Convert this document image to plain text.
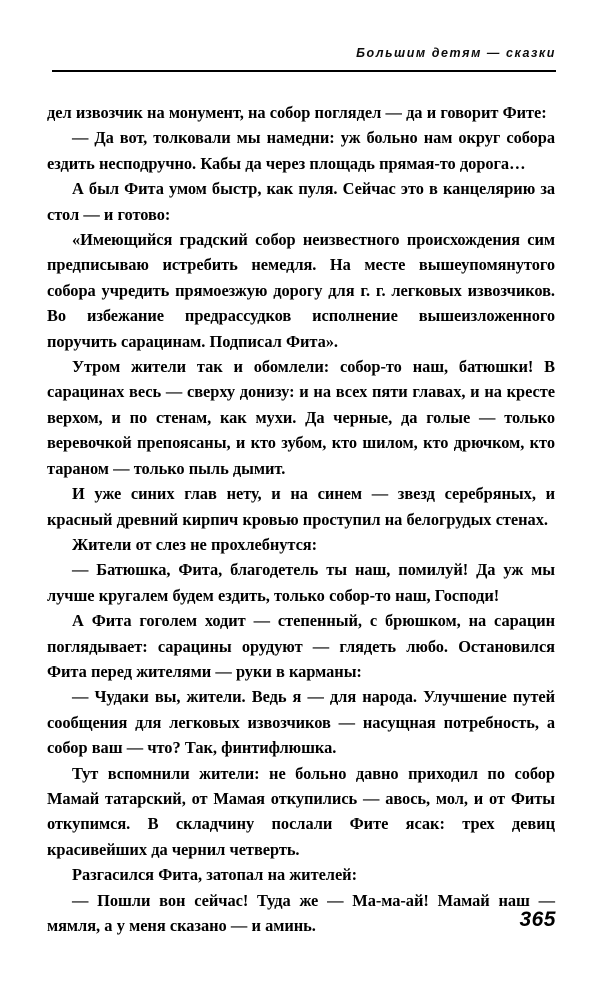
Большим детям — сказки

дел извозчик на монумент, на собор поглядел — да и говорит Фите:

— Да вот, толковали мы намедни: уж больно нам округ собора ездить несподручно. Кабы да через площадь прямая-то дорога…

А был Фита умом быстр, как пуля. Сейчас это в канцелярию за стол — и готово:

«Имеющийся градский собор неизвестного происхождения сим предписываю истребить немедля. На месте вышеупомянутого собора учредить прямоезжую дорогу для г. г. легковых извозчиков. Во избежание предрассудков исполнение вышеизложенного поручить сарацинам. Подписал Фита».

Утром жители так и обомлели: собор-то наш, батюшки! В сарацинах весь — сверху донизу: и на всех пяти главах, и на кресте верхом, и по стенам, как мухи. Да черные, да голые — только веревочкой препоясаны, и кто зубом, кто шилом, кто дрючком, кто тараном — только пыль дымит.

И уже синих глав нету, и на синем — звезд серебряных, и красный древний кирпич кровью проступил на белогрудых стенах.

Жители от слез не прохлебнутся:

— Батюшка, Фита, благодетель ты наш, помилуй! Да уж мы лучше кругалем будем ездить, только собор-то наш, Господи!

А Фита гоголем ходит — степенный, с брюшком, на сарацин поглядывает: сарацины орудуют — глядеть любо. Остановился Фита перед жителями — руки в карманы:

— Чудаки вы, жители. Ведь я — для народа. Улучшение путей сообщения для легковых извозчиков — насущная потребность, а собор ваш — что? Так, финтифлюшка.

Тут вспомнили жители: не больно давно приходил по собор Мамай татарский, от Мамая откупились — авось, мол, и от Фиты откупимся. В складчину послали Фите ясак: трех девиц красивейших да чернил четверть.

Разгасился Фита, затопал на жителей:

— Пошли вон сейчас! Туда же — Ма-ма-ай! Мамай наш — мямля, а у меня сказано — и аминь.	365
